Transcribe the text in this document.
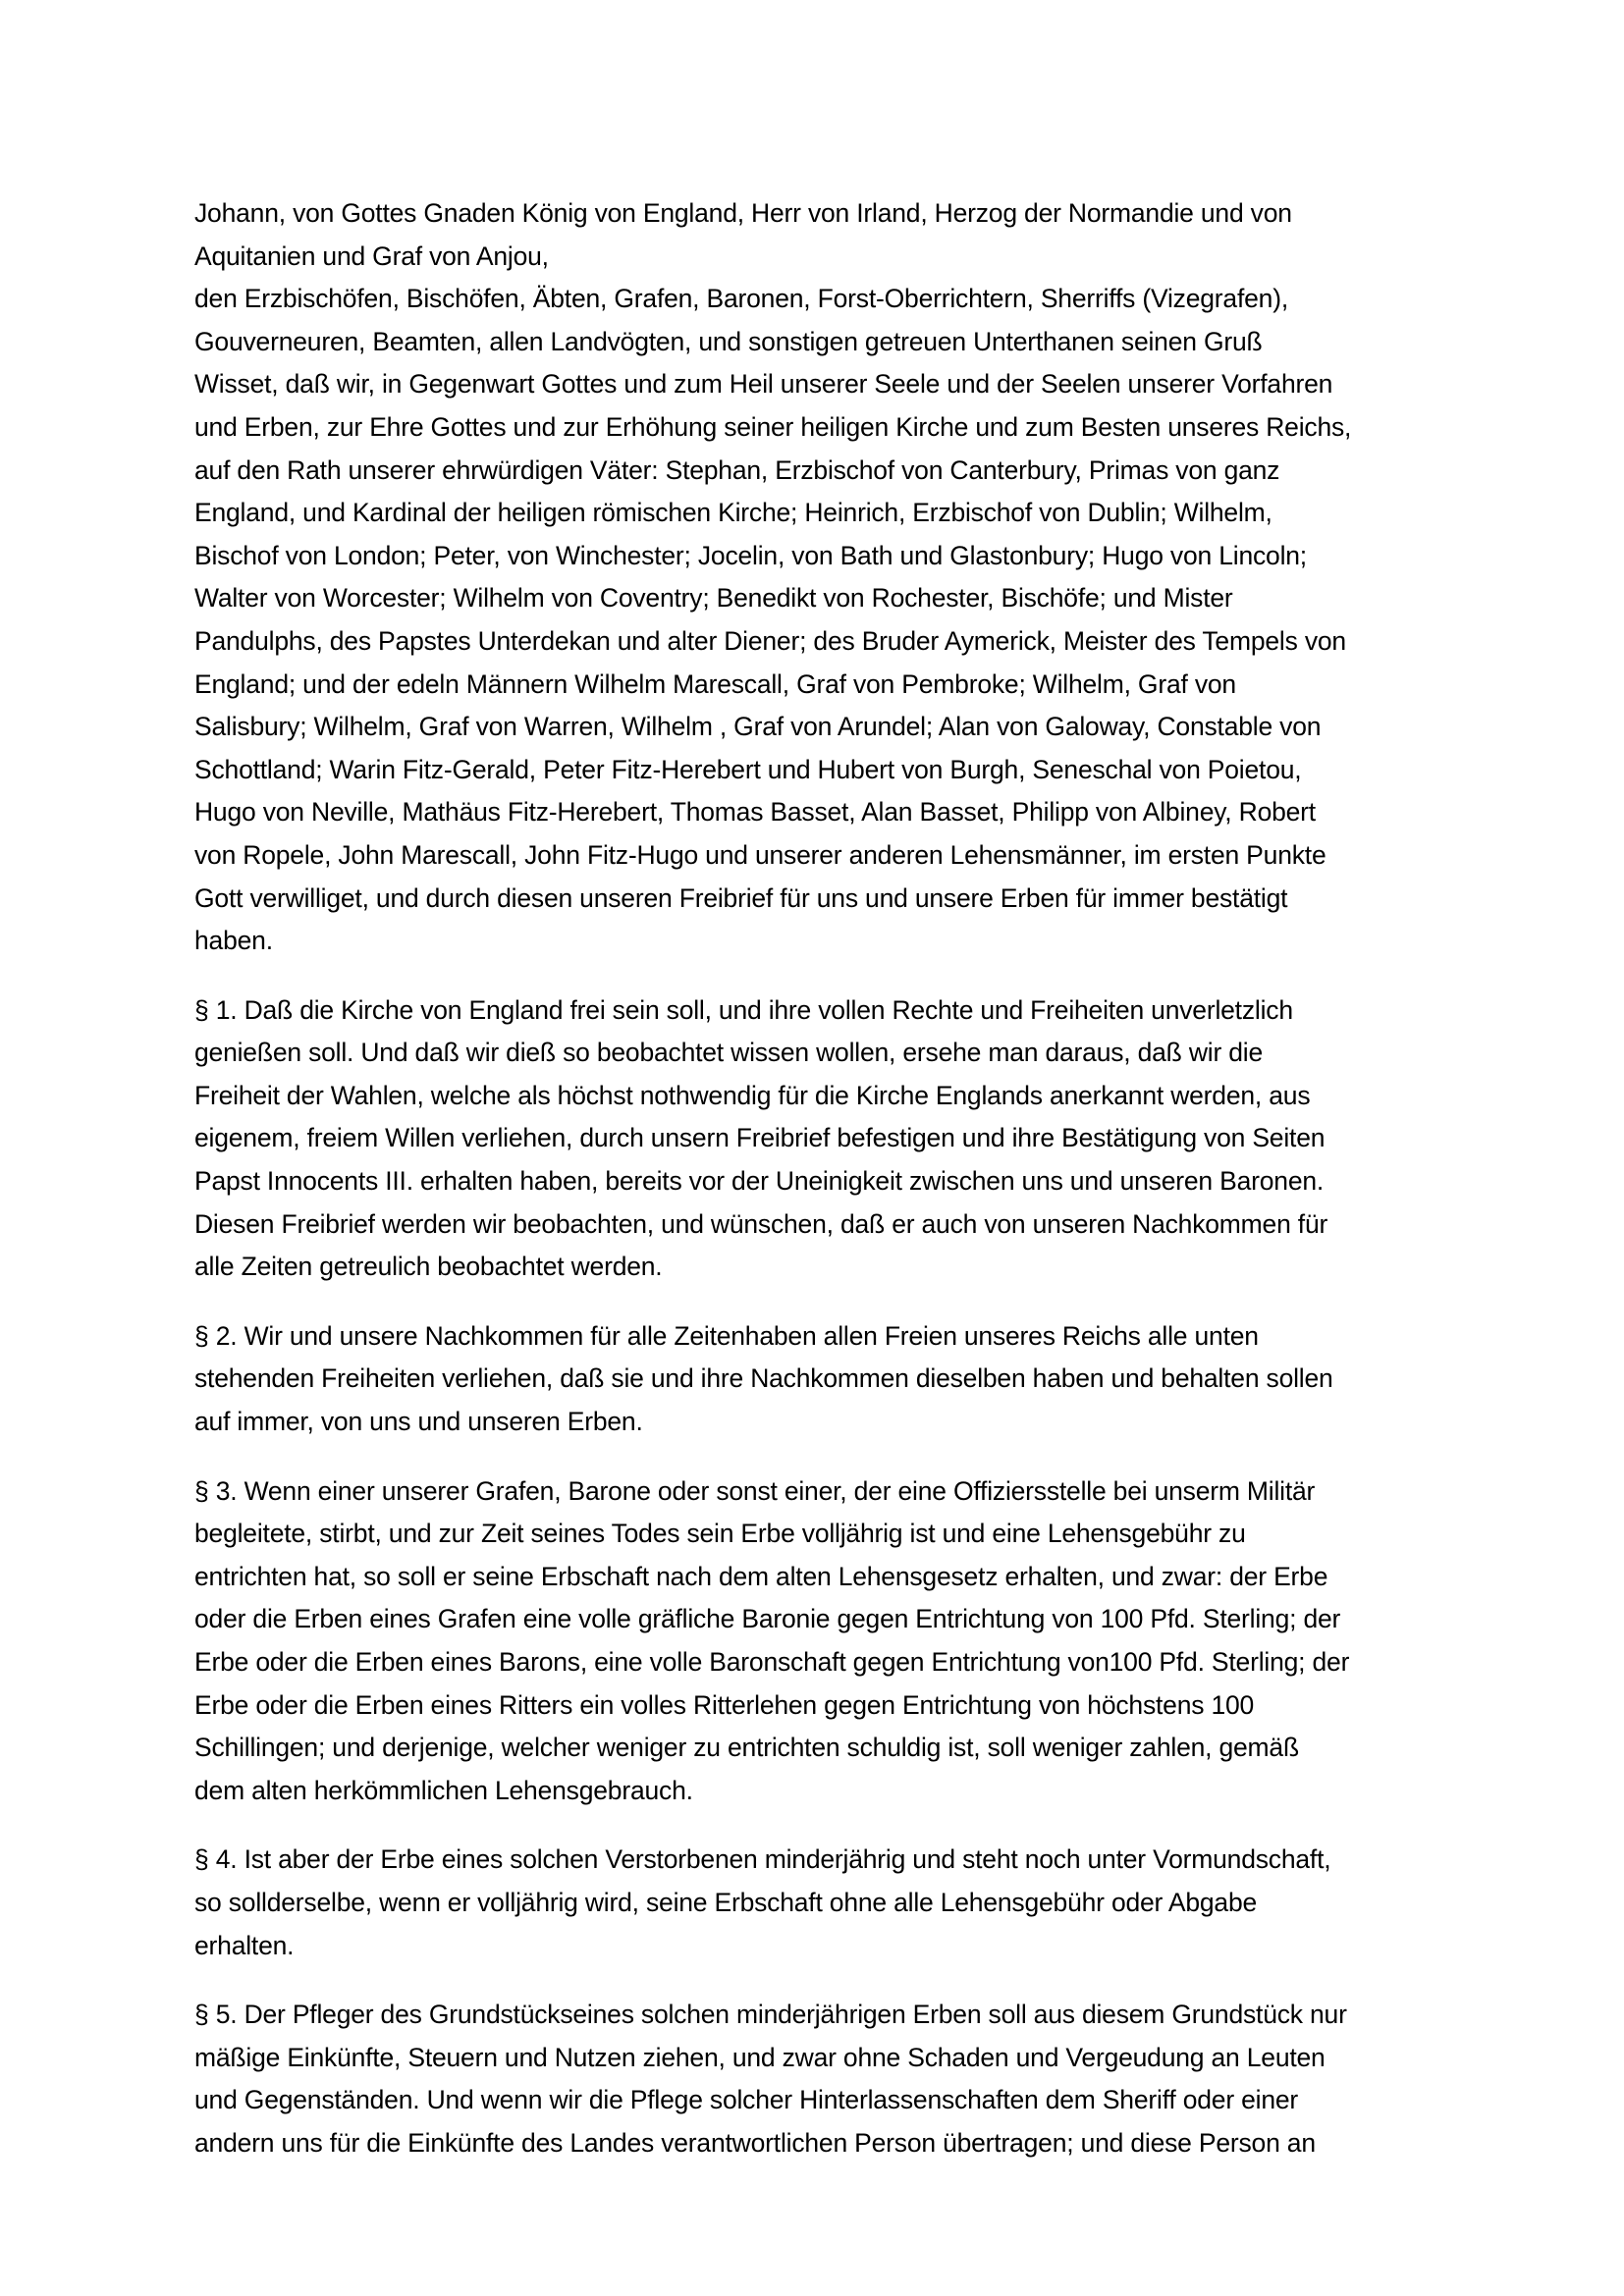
Johann, von Gottes Gnaden König von England, Herr von Irland, Herzog der Normandie und von
Aquitanien und Graf von Anjou,
den Erzbischöfen, Bischöfen, Äbten, Grafen, Baronen, Forst-Oberrichtern, Sherriffs (Vizegrafen),
Gouverneuren, Beamten, allen Landvögten, und sonstigen getreuen Unterthanen seinen Gruß
Wisset, daß wir, in Gegenwart Gottes und zum Heil unserer Seele und der Seelen unserer Vorfahren
und Erben, zur Ehre Gottes und zur Erhöhung seiner heiligen Kirche und zum Besten unseres Reichs,
auf den Rath unserer ehrwürdigen Väter: Stephan, Erzbischof von Canterbury, Primas von ganz
England, und Kardinal der heiligen römischen Kirche; Heinrich, Erzbischof von Dublin; Wilhelm,
Bischof von London; Peter, von Winchester; Jocelin, von Bath und Glastonbury; Hugo von Lincoln;
Walter von Worcester; Wilhelm von Coventry; Benedikt von Rochester, Bischöfe; und Mister
Pandulphs, des Papstes Unterdekan und alter Diener; des Bruder Aymerick, Meister des Tempels von
England; und der edeln Männern Wilhelm Marescall, Graf von Pembroke; Wilhelm, Graf von
Salisbury; Wilhelm, Graf von Warren, Wilhelm , Graf von Arundel; Alan von Galoway, Constable von
Schottland; Warin Fitz-Gerald, Peter Fitz-Herebert und Hubert von Burgh, Seneschal von Poietou,
Hugo von Neville, Mathäus Fitz-Herebert, Thomas Basset, Alan Basset, Philipp von Albiney, Robert
von Ropele, John Marescall, John Fitz-Hugo und unserer anderen Lehensmänner, im ersten Punkte
Gott verwilliget, und durch diesen unseren Freibrief für uns und unsere Erben für immer bestätigt
haben.

§ 1. Daß die Kirche von England frei sein soll, und ihre vollen Rechte und Freiheiten unverletzlich
genießen soll. Und daß wir dieß so beobachtet wissen wollen, ersehe man daraus, daß wir die
Freiheit der Wahlen, welche als höchst nothwendig für die Kirche Englands anerkannt werden, aus
eigenem, freiem Willen verliehen, durch unsern Freibrief befestigen und ihre Bestätigung von Seiten
Papst Innocents III. erhalten haben, bereits vor der Uneinigkeit zwischen uns und unseren Baronen.
Diesen Freibrief werden wir beobachten, und wünschen, daß er auch von unseren Nachkommen für
alle Zeiten getreulich beobachtet werden.

§ 2. Wir und unsere Nachkommen für alle Zeitenhaben allen Freien unseres Reichs alle unten
stehenden Freiheiten verliehen, daß sie und ihre Nachkommen dieselben haben und behalten sollen
auf immer, von uns und unseren Erben.

§ 3. Wenn einer unserer Grafen, Barone oder sonst einer, der eine Offiziersstelle bei unserm Militär
begleitete, stirbt, und zur Zeit seines Todes sein Erbe volljährig ist und eine Lehensgebühr zu
entrichten hat, so soll er seine Erbschaft nach dem alten Lehensgesetz erhalten, und zwar: der Erbe
oder die Erben eines Grafen eine volle gräfliche Baronie gegen Entrichtung von 100 Pfd. Sterling; der
Erbe oder die Erben eines Barons, eine volle Baronschaft gegen Entrichtung von100 Pfd. Sterling; der
Erbe oder die Erben eines Ritters ein volles Ritterlehen gegen Entrichtung von höchstens 100
Schillingen; und derjenige, welcher weniger zu entrichten schuldig ist, soll weniger zahlen, gemäß
dem alten herkömmlichen Lehensgebrauch.

§ 4. Ist aber der Erbe eines solchen Verstorbenen minderjährig und steht noch unter Vormundschaft,
so sollderselbe, wenn er volljährig wird, seine Erbschaft ohne alle Lehensgebühr oder Abgabe
erhalten.

§ 5. Der Pfleger des Grundstückseines solchen minderjährigen Erben soll aus diesem Grundstück nur
mäßige Einkünfte, Steuern und Nutzen ziehen, und zwar ohne Schaden und Vergeudung an Leuten
und Gegenständen. Und wenn wir die Pflege solcher Hinterlassenschaften dem Sheriff oder einer
andern uns für die Einkünfte des Landes verantwortlichen Person übertragen; und diese Person an
